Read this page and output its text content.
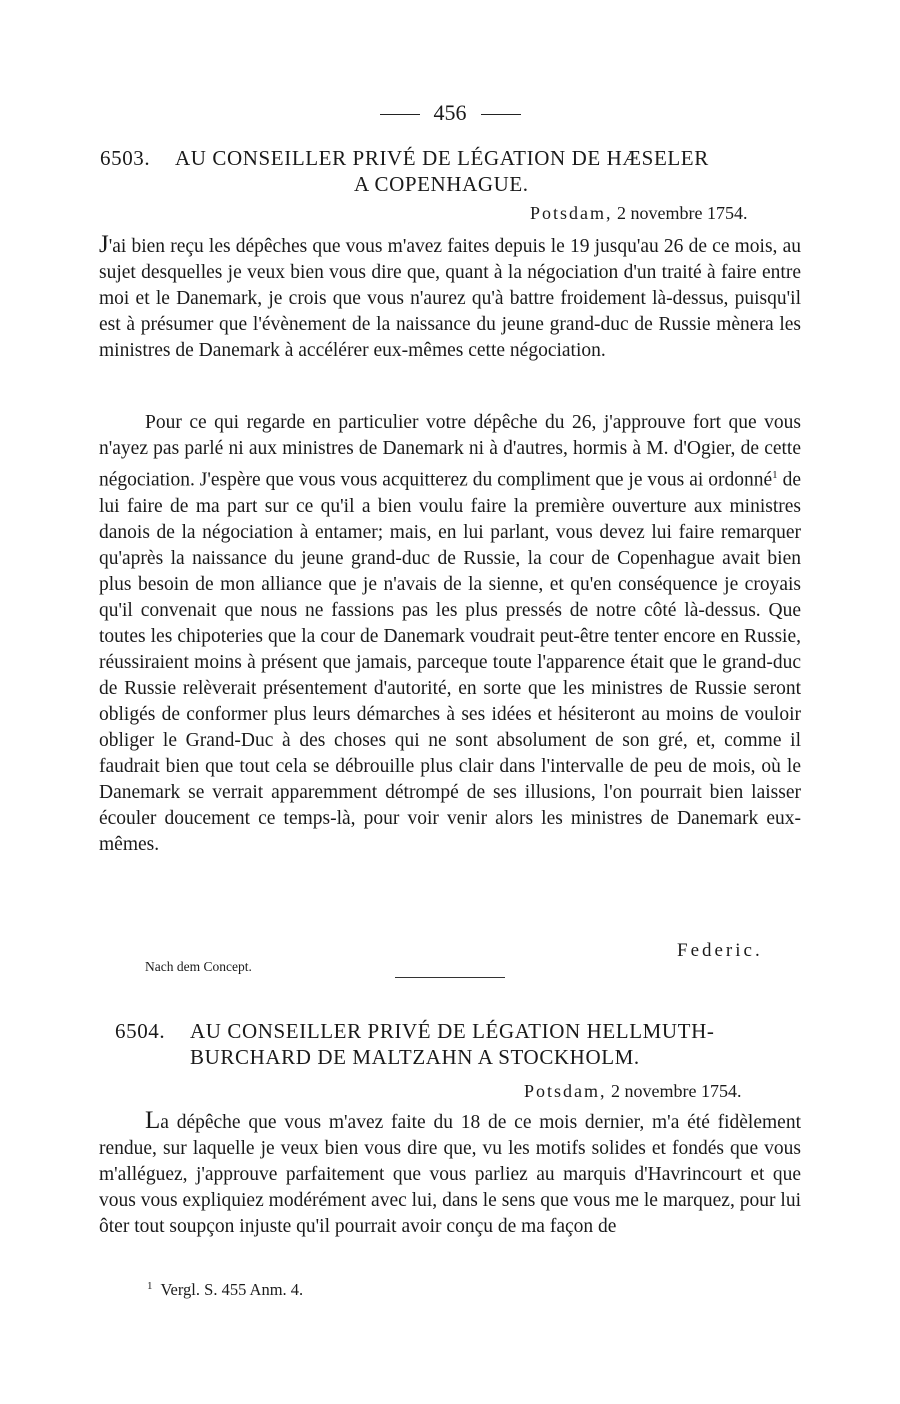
456
6503. AU CONSEILLER PRIVÉ DE LÉGATION DE HÆSELER
A COPENHAGUE.
Potsdam, 2 novembre 1754.

J'ai bien reçu les dépêches que vous m'avez faites depuis le 19 jusqu'au 26 de ce mois, au sujet desquelles je veux bien vous dire que, quant à la négociation d'un traité à faire entre moi et le Danemark, je crois que vous n'aurez qu'à battre froidement là-dessus, puisqu'il est à présumer que l'évènement de la naissance du jeune grand-duc de Russie mènera les ministres de Danemark à accélérer eux-mêmes cette négociation.

Pour ce qui regarde en particulier votre dépêche du 26, j'approuve fort que vous n'ayez pas parlé ni aux ministres de Danemark ni à d'autres, hormis à M. d'Ogier, de cette négociation. J'espère que vous vous acquitterez du compliment que je vous ai ordonné$^1$ de lui faire de ma part sur ce qu'il a bien voulu faire la première ouverture aux ministres danois de la négociation à entamer; mais, en lui parlant, vous devez lui faire remarquer qu'après la naissance du jeune grand-duc de Russie, la cour de Copenhague avait bien plus besoin de mon alliance que je n'avais de la sienne, et qu'en conséquence je croyais qu'il convenait que nous ne fassions pas les plus pressés de notre côté là-dessus. Que toutes les chipoteries que la cour de Danemark voudrait peut-être tenter encore en Russie, réussiraient moins à présent que jamais, parceque toute l'apparence était que le grand-duc de Russie relèverait présentement d'autorité, en sorte que les ministres de Russie seront obligés de conformer plus leurs démarches à ses idées et hésiteront au moins de vouloir obliger le Grand-Duc à des choses qui ne sont absolument de son gré, et, comme il faudrait bien que tout cela se débrouille plus clair dans l'intervalle de peu de mois, où le Danemark se verrait apparemment détrompé de ses illusions, l'on pourrait bien laisser écouler doucement ce temps-là, pour voir venir alors les ministres de Danemark eux-mêmes.

Federic.
Nach dem Concept.
6504. AU CONSEILLER PRIVÉ DE LÉGATION HELLMUTH-
BURCHARD DE MALTZAHN A STOCKHOLM.
Potsdam, 2 novembre 1754.

La dépêche que vous m'avez faite du 18 de ce mois dernier, m'a été fidèlement rendue, sur laquelle je veux bien vous dire que, vu les motifs solides et fondés que vous m'alléguez, j'approuve parfaitement que vous parliez au marquis d'Havrincourt et que vous vous expliquiez modérément avec lui, dans le sens que vous me le marquez, pour lui ôter tout soupçon injuste qu'il pourrait avoir conçu de ma façon de

$^1$ Vergl. S. 455 Anm. 4.
